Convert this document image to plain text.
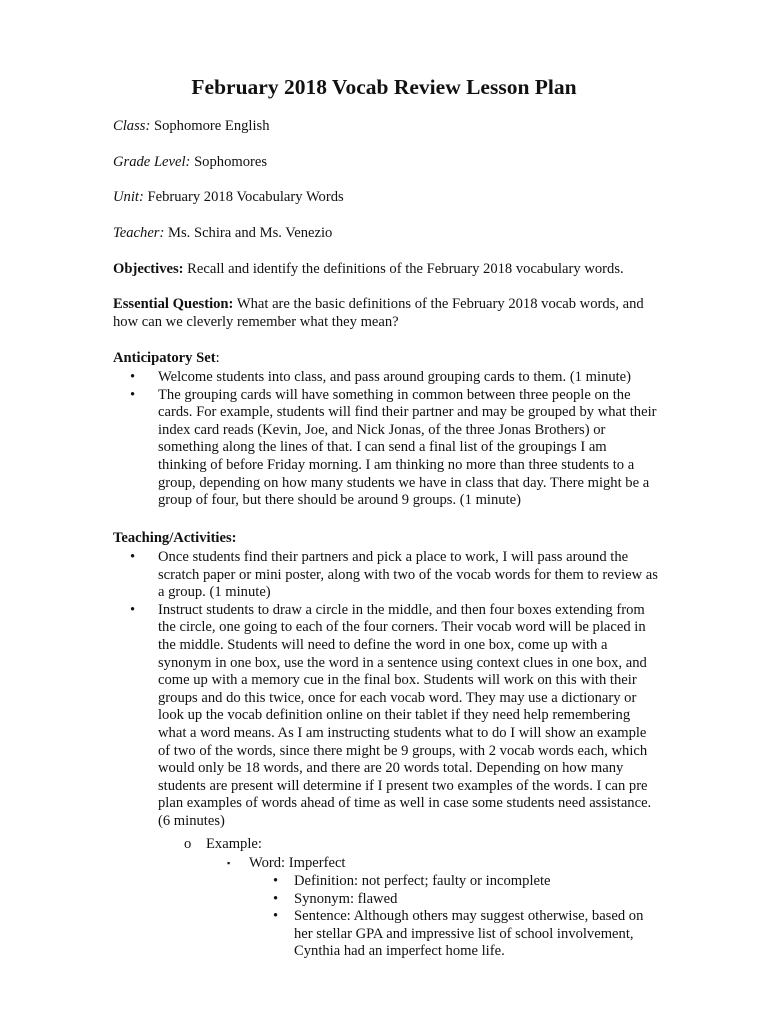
February 2018 Vocab Review Lesson Plan
Class: Sophomore English
Grade Level: Sophomores
Unit: February 2018 Vocabulary Words
Teacher: Ms. Schira and Ms. Venezio
Objectives: Recall and identify the definitions of the February 2018 vocabulary words.
Essential Question: What are the basic definitions of the February 2018 vocab words, and how can we cleverly remember what they mean?
Anticipatory Set:
• Welcome students into class, and pass around grouping cards to them. (1 minute)
• The grouping cards will have something in common between three people on the cards. For example, students will find their partner and may be grouped by what their index card reads (Kevin, Joe, and Nick Jonas, of the three Jonas Brothers) or something along the lines of that. I can send a final list of the groupings I am thinking of before Friday morning. I am thinking no more than three students to a group, depending on how many students we have in class that day. There might be a group of four, but there should be around 9 groups. (1 minute)
Teaching/Activities:
• Once students find their partners and pick a place to work, I will pass around the scratch paper or mini poster, along with two of the vocab words for them to review as a group. (1 minute)
• Instruct students to draw a circle in the middle, and then four boxes extending from the circle, one going to each of the four corners. Their vocab word will be placed in the middle. Students will need to define the word in one box, come up with a synonym in one box, use the word in a sentence using context clues in one box, and come up with a memory cue in the final box. Students will work on this with their groups and do this twice, once for each vocab word. They may use a dictionary or look up the vocab definition online on their tablet if they need help remembering what a word means. As I am instructing students what to do I will show an example of two of the words, since there might be 9 groups, with 2 vocab words each, which would only be 18 words, and there are 20 words total. Depending on how many students are present will determine if I present two examples of the words. I can pre plan examples of words ahead of time as well in case some students need assistance. (6 minutes)
o Example:
▪ Word: Imperfect
• Definition: not perfect; faulty or incomplete
• Synonym: flawed
• Sentence: Although others may suggest otherwise, based on her stellar GPA and impressive list of school involvement, Cynthia had an imperfect home life.
